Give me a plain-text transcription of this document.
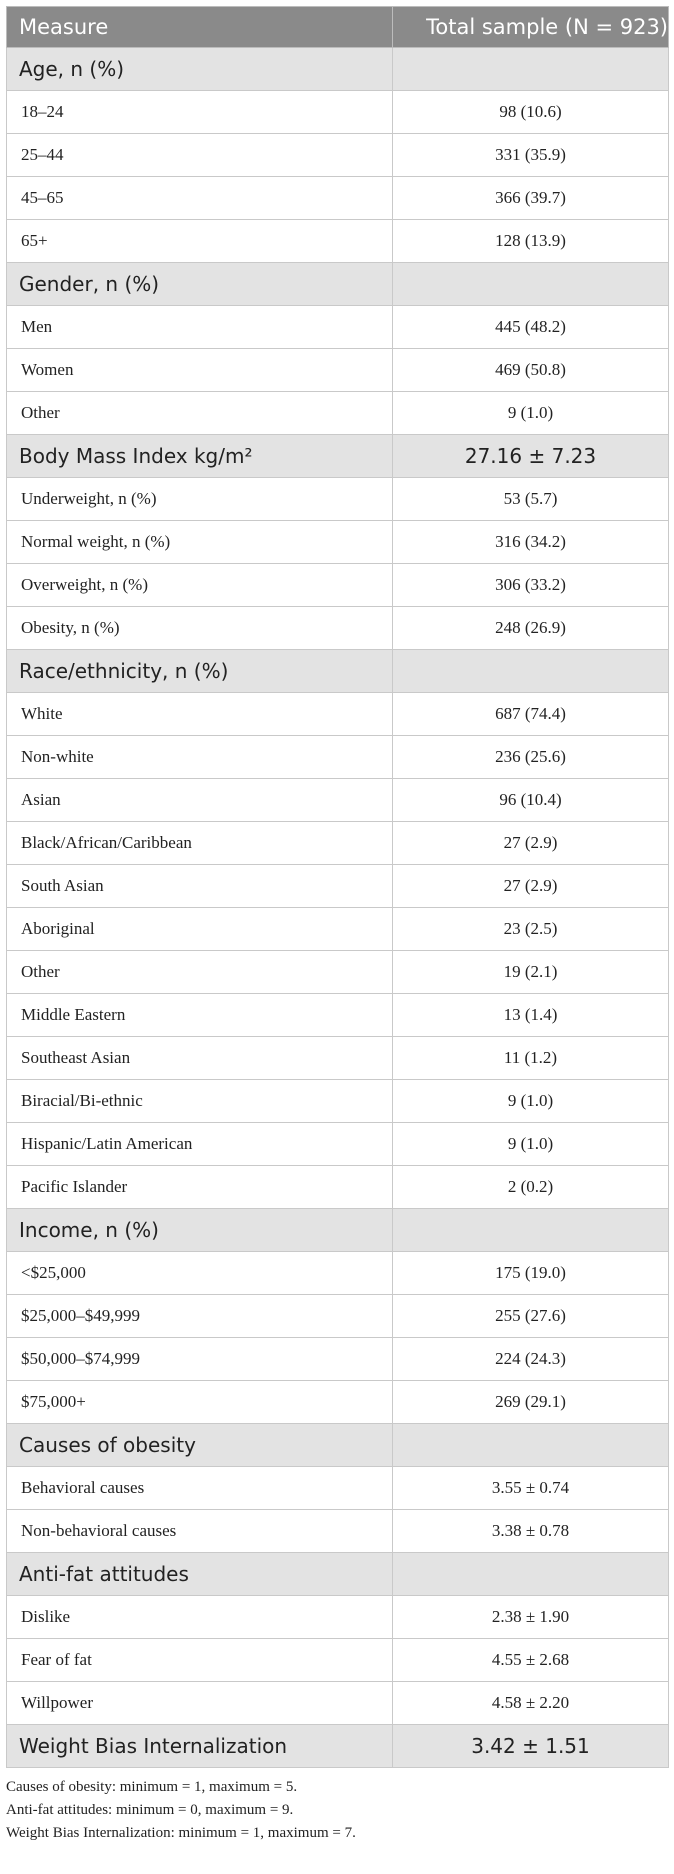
Measure	Total sample (N = 923)
Age, n (%)	
18–24	98 (10.6)
25–44	331 (35.9)
45–65	366 (39.7)
65+	128 (13.9)
Gender, n (%)	
Men	445 (48.2)
Women	469 (50.8)
Other	9 (1.0)
Body Mass Index kg/m²	27.16 ± 7.23
Underweight, n (%)	53 (5.7)
Normal weight, n (%)	316 (34.2)
Overweight, n (%)	306 (33.2)
Obesity, n (%)	248 (26.9)
Race/ethnicity, n (%)	
White	687 (74.4)
Non-white	236 (25.6)
Asian	96 (10.4)
Black/African/Caribbean	27 (2.9)
South Asian	27 (2.9)
Aboriginal	23 (2.5)
Other	19 (2.1)
Middle Eastern	13 (1.4)
Southeast Asian	11 (1.2)
Biracial/Bi-ethnic	9 (1.0)
Hispanic/Latin American	9 (1.0)
Pacific Islander	2 (0.2)
Income, n (%)	
<$25,000	175 (19.0)
$25,000–$49,999	255 (27.6)
$50,000–$74,999	224 (24.3)
$75,000+	269 (29.1)
Causes of obesity	
Behavioral causes	3.55 ± 0.74
Non-behavioral causes	3.38 ± 0.78
Anti-fat attitudes	
Dislike	2.38 ± 1.90
Fear of fat	4.55 ± 2.68
Willpower	4.58 ± 2.20
Weight Bias Internalization	3.42 ± 1.51
Causes of obesity: minimum = 1, maximum = 5.
Anti-fat attitudes: minimum = 0, maximum = 9.
Weight Bias Internalization: minimum = 1, maximum = 7.
